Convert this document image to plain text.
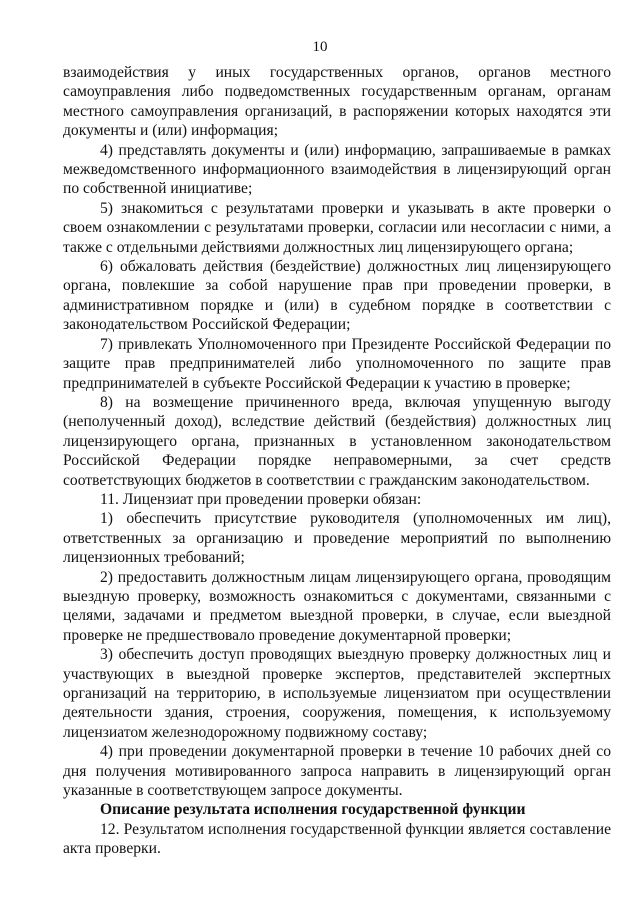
10

взаимодействия у иных государственных органов, органов местного самоуправления либо подведомственных государственным органам, органам местного самоуправления организаций, в распоряжении которых находятся эти документы и (или) информация;

4) представлять документы и (или) информацию, запрашиваемые в рамках межведомственного информационного взаимодействия в лицензирующий орган по собственной инициативе;

5) знакомиться с результатами проверки и указывать в акте проверки о своем ознакомлении с результатами проверки, согласии или несогласии с ними, а также с отдельными действиями должностных лиц лицензирующего органа;

6) обжаловать действия (бездействие) должностных лиц лицензирующего органа, повлекшие за собой нарушение прав при проведении проверки, в административном порядке и (или) в судебном порядке в соответствии с законодательством Российской Федерации;

7) привлекать Уполномоченного при Президенте Российской Федерации по защите прав предпринимателей либо уполномоченного по защите прав предпринимателей в субъекте Российской Федерации к участию в проверке;

8) на возмещение причиненного вреда, включая упущенную выгоду (неполученный доход), вследствие действий (бездействия) должностных лиц лицензирующего органа, признанных в установленном законодательством Российской Федерации порядке неправомерными, за счет средств соответствующих бюджетов в соответствии с гражданским законодательством.

11. Лицензиат при проведении проверки обязан:

1) обеспечить присутствие руководителя (уполномоченных им лиц), ответственных за организацию и проведение мероприятий по выполнению лицензионных требований;

2) предоставить должностным лицам лицензирующего органа, проводящим выездную проверку, возможность ознакомиться с документами, связанными с целями, задачами и предметом выездной проверки, в случае, если выездной проверке не предшествовало проведение документарной проверки;

3) обеспечить доступ проводящих выездную проверку должностных лиц и участвующих в выездной проверке экспертов, представителей экспертных организаций на территорию, в используемые лицензиатом при осуществлении деятельности здания, строения, сооружения, помещения, к используемому лицензиатом железнодорожному подвижному составу;

4) при проведении документарной проверки в течение 10 рабочих дней со дня получения мотивированного запроса направить в лицензирующий орган указанные в соответствующем запросе документы.

Описание результата исполнения государственной функции

12. Результатом исполнения государственной функции является составление акта проверки.
